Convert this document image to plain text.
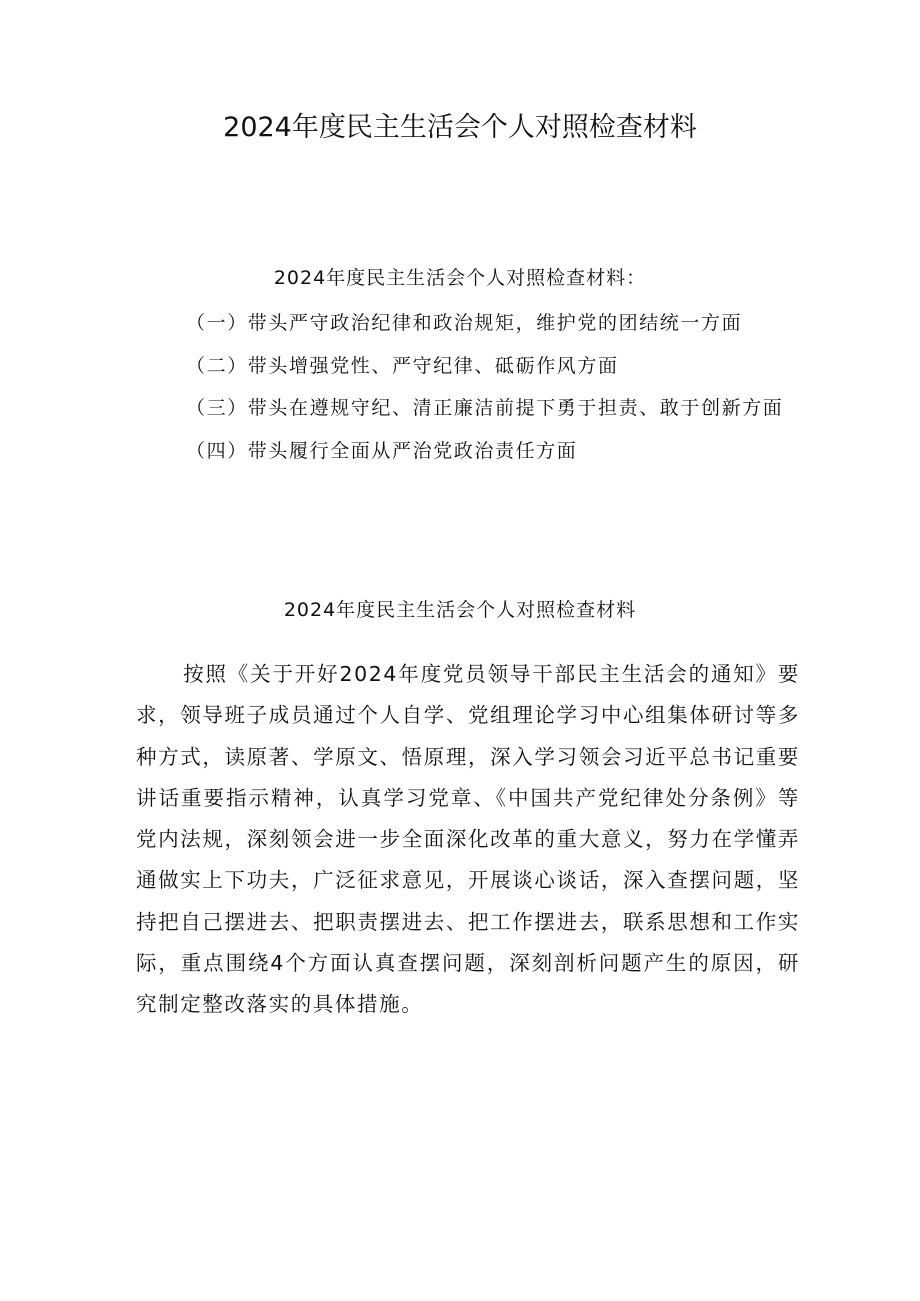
2024年度民主生活会个人对照检查材料
2024年度民主生活会个人对照检查材料：
（一）带头严守政治纪律和政治规矩，维护党的团结统一方面
（二）带头增强党性、严守纪律、砥砺作风方面
（三）带头在遵规守纪、清正廉洁前提下勇于担责、敢于创新方面
（四）带头履行全面从严治党政治责任方面
2024年度民主生活会个人对照检查材料

按照《关于开好2024年度党员领导干部民主生活会的通知》要求，领导班子成员通过个人自学、党组理论学习中心组集体研讨等多种方式，读原著、学原文、悟原理，深入学习领会习近平总书记重要讲话重要指示精神，认真学习党章、《中国共产党纪律处分条例》等党内法规，深刻领会进一步全面深化改革的重大意义，努力在学懂弄通做实上下功夫，广泛征求意见，开展谈心谈话，深入查摆问题，坚持把自己摆进去、把职责摆进去、把工作摆进去，联系思想和工作实际，重点围绕4个方面认真查摆问题，深刻剖析问题产生的原因，研究制定整改落实的具体措施。
